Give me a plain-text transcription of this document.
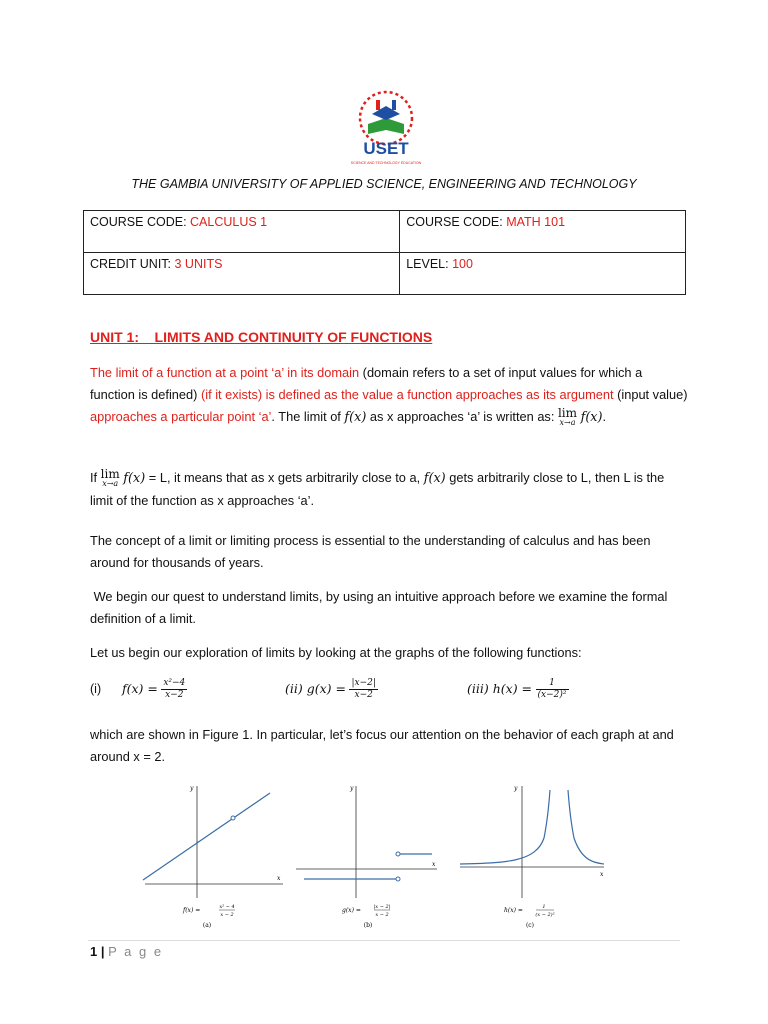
USET
SCIENCE AND TECHNOLOGY EDUCATION
THE GAMBIA UNIVERSITY OF APPLIED SCIENCE, ENGINEERING AND TECHNOLOGY
COURSE CODE: CALCULUS 1	COURSE CODE: MATH 101
CREDIT UNIT: 3 UNITS	LEVEL: 100
UNIT 1:    LIMITS AND CONTINUITY OF FUNCTIONS
The limit of a function at a point ‘a’ in its domain (domain refers to a set of input values for which a function is defined) (if it exists) is defined as the value a function approaches as its argument (input value) approaches a particular point ‘a’. The limit of f(x) as x approaches ‘a’ is written as: lim
x→a f(x).
If lim
x→a f(x) = L, it means that as x gets arbitrarily close to a, f(x) gets arbitrarily close to L, then L is the limit of the function as x approaches ‘a’.
The concept of a limit or limiting process is essential to the understanding of calculus and has been around for thousands of years.
We begin our quest to understand limits, by using an intuitive approach before we examine the formal definition of a limit.
Let us begin our exploration of limits by looking at the graphs of the following functions:
(i) $f(x) = \frac{\text{x²−4}}{x-2}$	(ii) $g(x) = \frac{|x-2|}{x-2}$	(iii) $h(x) = \frac{1}{\text{(x−2)²}}$
which are shown in Figure 1. In particular, let’s focus our attention on the behavior of each graph at and around x = 2.
y
x
f(x) =	x² − 4
x − 2
(a)
y
x
g(x) =	|x − 2|
x − 2
(b)
y
x
h(x) =	1
(x − 2)²
(c)
1 | P a g e
